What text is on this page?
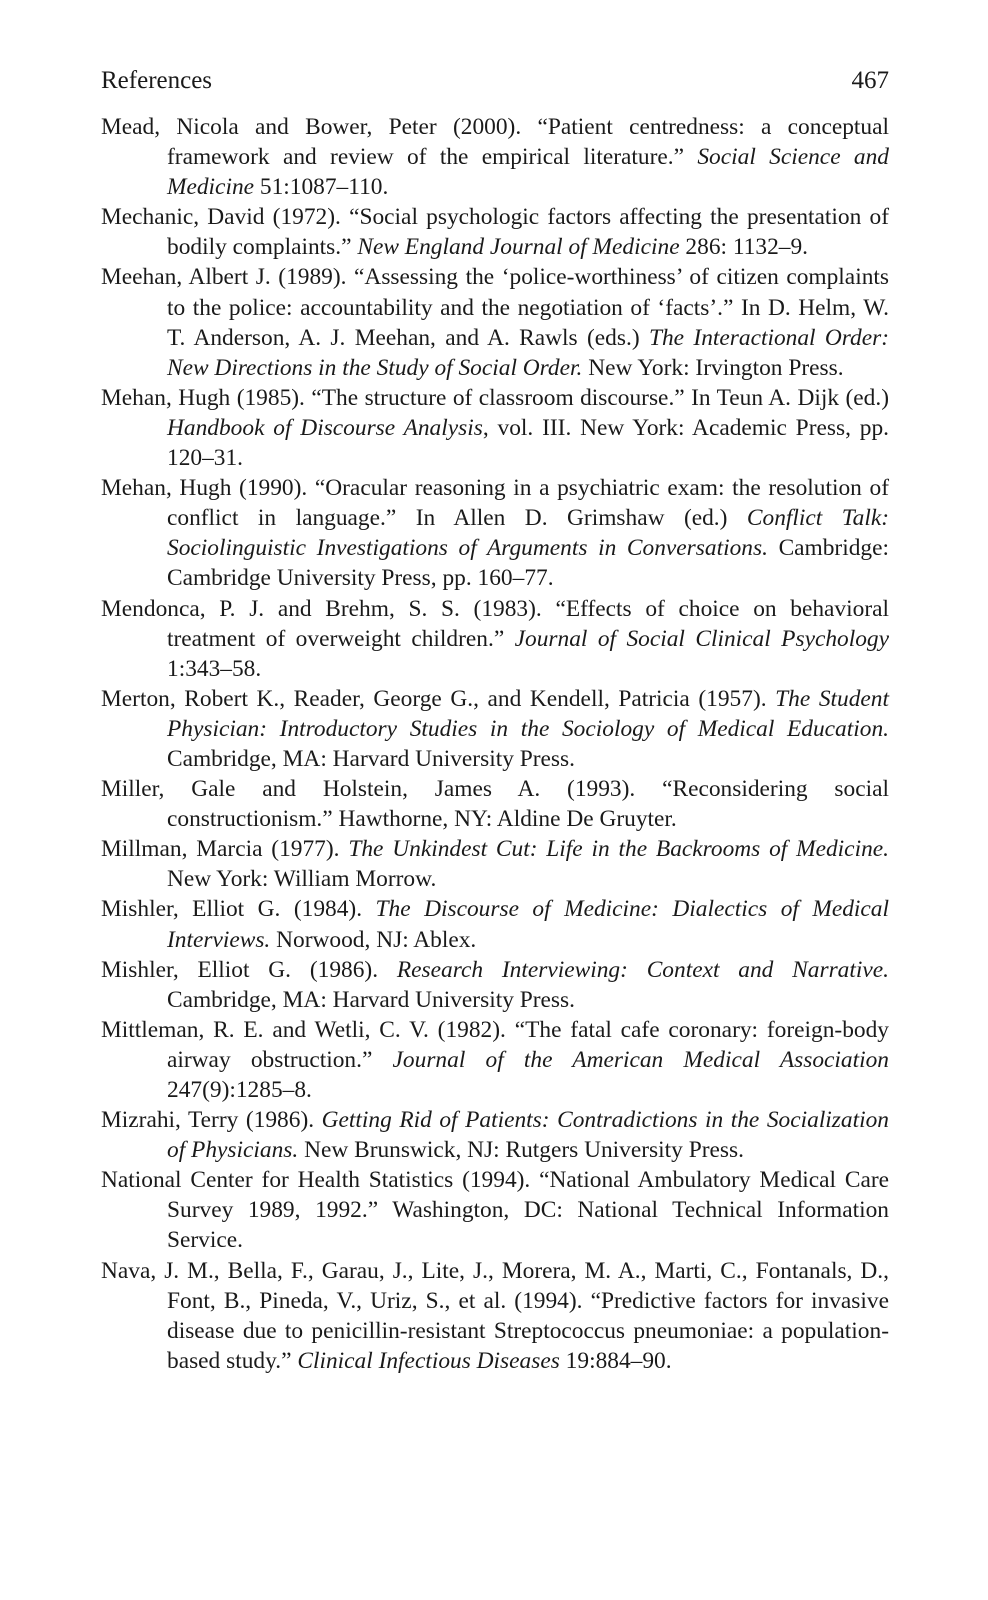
References	467

Mead, Nicola and Bower, Peter (2000). “Patient centredness: a conceptual framework and review of the empirical literature.” Social Science and Medicine 51:1087–110.

Mechanic, David (1972). “Social psychologic factors affecting the presentation of bodily complaints.” New England Journal of Medicine 286: 1132–9.

Meehan, Albert J. (1989). “Assessing the ‘police-worthiness’ of citizen complaints to the police: accountability and the negotiation of ‘facts’.” In D. Helm, W. T. Anderson, A. J. Meehan, and A. Rawls (eds.) The Interactional Order: New Directions in the Study of Social Order. New York: Irvington Press.

Mehan, Hugh (1985). “The structure of classroom discourse.” In Teun A. Dijk (ed.) Handbook of Discourse Analysis, vol. III. New York: Academic Press, pp. 120–31.

Mehan, Hugh (1990). “Oracular reasoning in a psychiatric exam: the resolution of conflict in language.” In Allen D. Grimshaw (ed.) Conflict Talk: Sociolinguistic Investigations of Arguments in Conversations. Cambridge: Cambridge University Press, pp. 160–77.

Mendonca, P. J. and Brehm, S. S. (1983). “Effects of choice on behavioral treatment of overweight children.” Journal of Social Clinical Psychology 1:343–58.

Merton, Robert K., Reader, George G., and Kendell, Patricia (1957). The Student Physician: Introductory Studies in the Sociology of Medical Education. Cambridge, MA: Harvard University Press.

Miller, Gale and Holstein, James A. (1993). “Reconsidering social constructionism.” Hawthorne, NY: Aldine De Gruyter.

Millman, Marcia (1977). The Unkindest Cut: Life in the Backrooms of Medicine. New York: William Morrow.

Mishler, Elliot G. (1984). The Discourse of Medicine: Dialectics of Medical Interviews. Norwood, NJ: Ablex.

Mishler, Elliot G. (1986). Research Interviewing: Context and Narrative. Cambridge, MA: Harvard University Press.

Mittleman, R. E. and Wetli, C. V. (1982). “The fatal cafe coronary: foreign-body airway obstruction.” Journal of the American Medical Association 247(9):1285–8.

Mizrahi, Terry (1986). Getting Rid of Patients: Contradictions in the Socialization of Physicians. New Brunswick, NJ: Rutgers University Press.

National Center for Health Statistics (1994). “National Ambulatory Medical Care Survey 1989, 1992.” Washington, DC: National Technical Information Service.

Nava, J. M., Bella, F., Garau, J., Lite, J., Morera, M. A., Marti, C., Fontanals, D., Font, B., Pineda, V., Uriz, S., et al. (1994). “Predictive factors for invasive disease due to penicillin-resistant Streptococcus pneumoniae: a population-based study.” Clinical Infectious Diseases 19:884–90.
